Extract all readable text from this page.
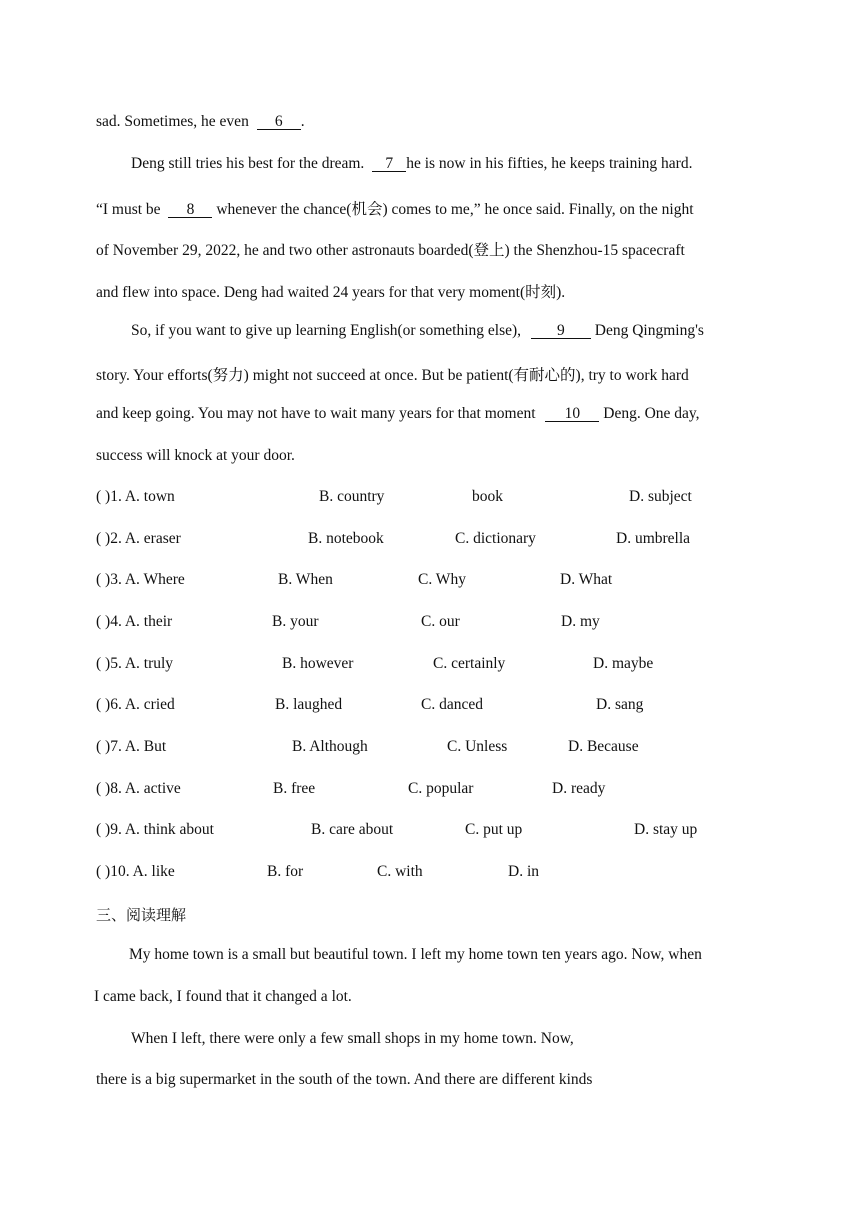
sad. Sometimes, he even 6 .
Deng still tries his best for the dream. 7he is now in his fifties, he keeps training hard.
“I must be 8 whenever the chance(机会) comes to me,” he once said. Finally, on the night
of November 29, 2022, he and two other astronauts boarded(登上) the Shenzhou-15 spacecraft
and flew into space. Deng had waited 24 years for that very moment(时刻).
So, if you want to give up learning English(or something else), 9 Deng Qingming's
story. Your efforts(努力) might not succeed at once. But be patient(有耐心的), try to work hard
and keep going. You may not have to wait many years for that moment 10 Deng. One day,
success will knock at your door.
( )1. A. town	B. country	book	D. subject
( )2. A. eraser	B. notebook	C. dictionary	D. umbrella
( )3. A. Where	B. When	C. Why	D. What
( )4. A. their	B. your	C. our	D. my
( )5. A. truly	B. however	C. certainly	D. maybe
( )6. A. cried	B. laughed	C. danced	D. sang
( )7. A. But	B. Although	C. Unless	D. Because
( )8. A. active	B. free	C. popular	D. ready
( )9. A. think about	B. care about	C. put up	D. stay up
( )10. A. like	B. for	C. with	D. in
三、阅读理解
My home town is a small but beautiful town. I left my home town ten years ago. Now, when
I came back, I found that it changed a lot.
When I left, there were only a few small shops in my home town. Now,
there is a big supermarket in the south of the town. And there are different kinds
